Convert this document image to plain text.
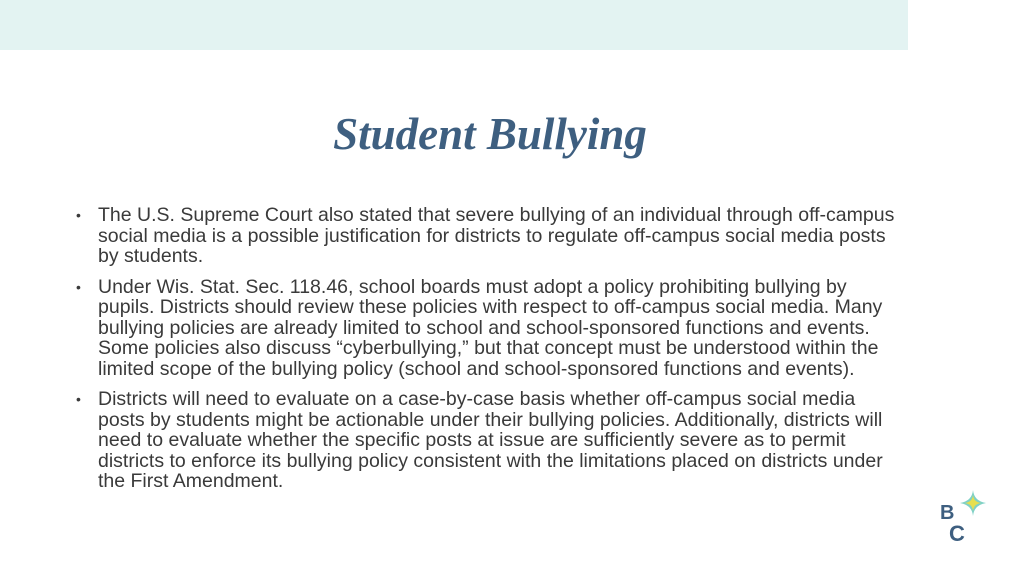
Student Bullying
• The U.S. Supreme Court also stated that severe bullying of an individual through off-campus social media is a possible justification for districts to regulate off-campus social media posts by students.
• Under Wis. Stat. Sec. 118.46, school boards must adopt a policy prohibiting bullying by pupils. Districts should review these policies with respect to off-campus social media. Many bullying policies are already limited to school and school-sponsored functions and events. Some policies also discuss “cyberbullying,” but that concept must be understood within the limited scope of the bullying policy (school and school-sponsored functions and events).
• Districts will need to evaluate on a case-by-case basis whether off-campus social media posts by students might be actionable under their bullying policies. Additionally, districts will need to evaluate whether the specific posts at issue are sufficiently severe as to permit districts to enforce its bullying policy consistent with the limitations placed on districts under the First Amendment.
B
C
